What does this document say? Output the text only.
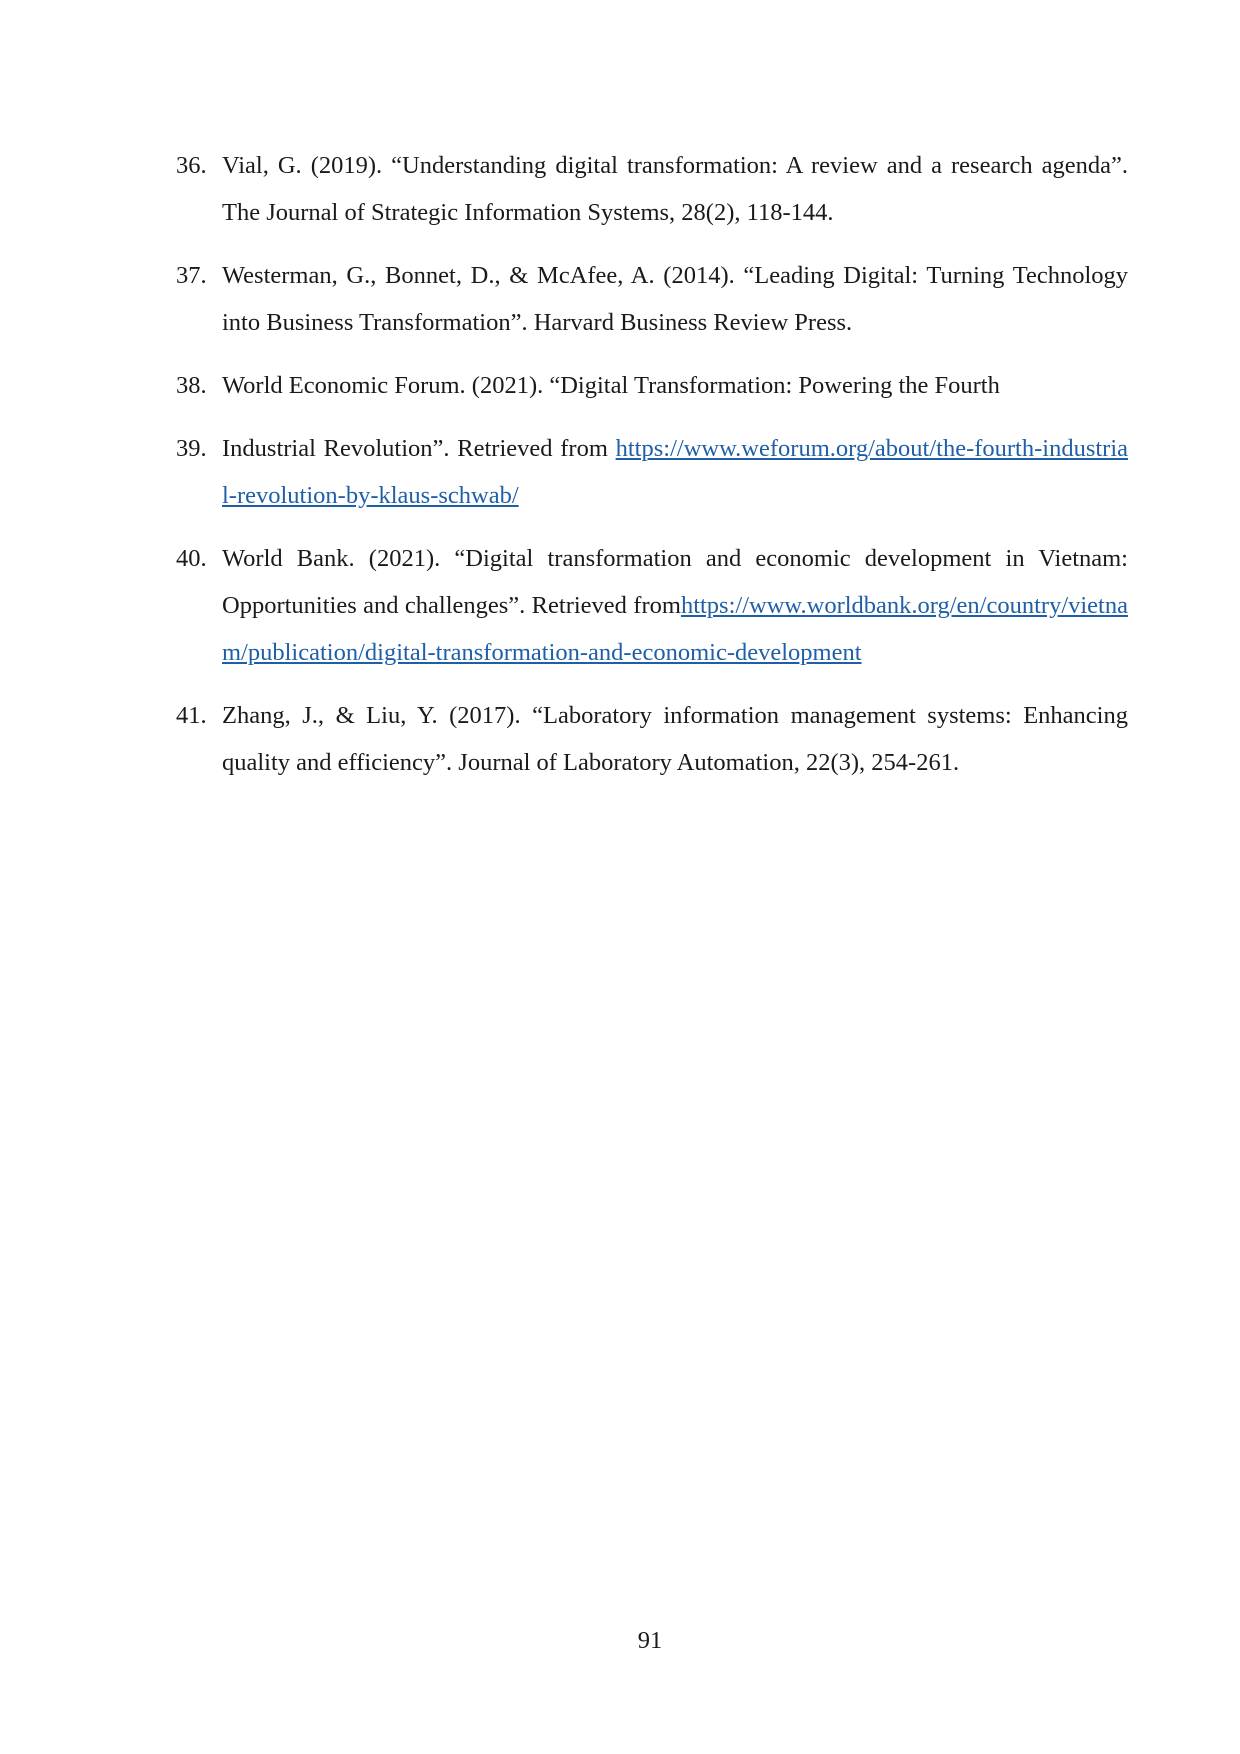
36. Vial, G. (2019). “Understanding digital transformation: A review and a research agenda”. The Journal of Strategic Information Systems, 28(2), 118-144.
37. Westerman, G., Bonnet, D., & McAfee, A. (2014). “Leading Digital: Turning Technology into Business Transformation”. Harvard Business Review Press.
38. World Economic Forum. (2021). “Digital Transformation: Powering the Fourth
39. Industrial Revolution”. Retrieved from https://www.weforum.org/about/the-fourth-industrial-revolution-by-klaus-schwab/
40. World Bank. (2021). “Digital transformation and economic development in Vietnam: Opportunities and challenges”. Retrieved fromhttps://www.worldbank.org/en/country/vietnam/publication/digital-transformation-and-economic-development
41. Zhang, J., & Liu, Y. (2017). “Laboratory information management systems: Enhancing quality and efficiency”. Journal of Laboratory Automation, 22(3), 254-261.
91
